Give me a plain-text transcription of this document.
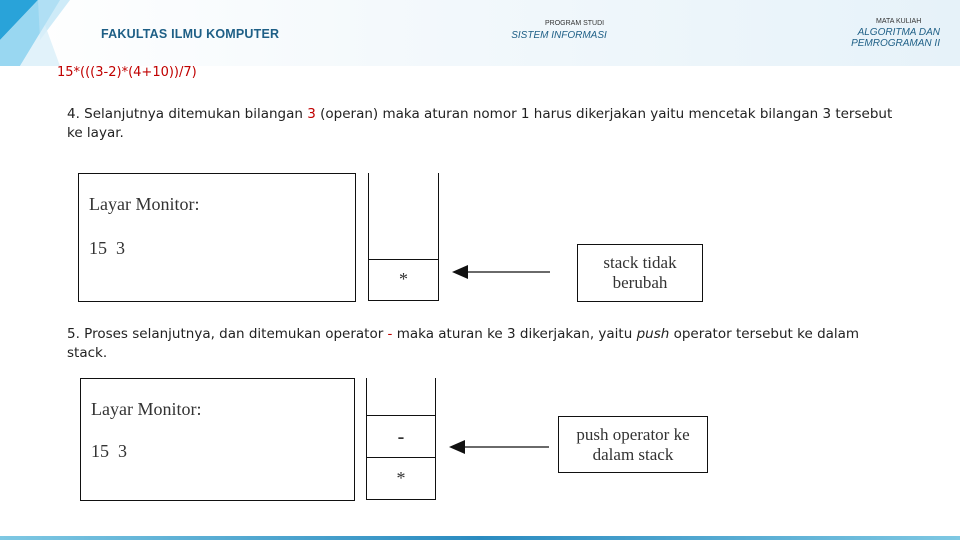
FAKULTAS ILMU KOMPUTER
PROGRAM STUDI
SISTEM INFORMASI
MATA KULIAH
ALGORITMA DAN
PEMROGRAMAN II
15*(((3-2)*(4+10))/7)
4. Selanjutnya ditemukan bilangan 3 (operan) maka aturan nomor 1 harus dikerjakan yaitu mencetak bilangan 3 tersebut ke layar.
Layar Monitor:
15  3
*
stack tidak
berubah
5. Proses selanjutnya, dan ditemukan operator - maka aturan ke 3 dikerjakan, yaitu push operator tersebut ke dalam stack.
Layar Monitor:
15  3
-
*
push operator ke
dalam stack
